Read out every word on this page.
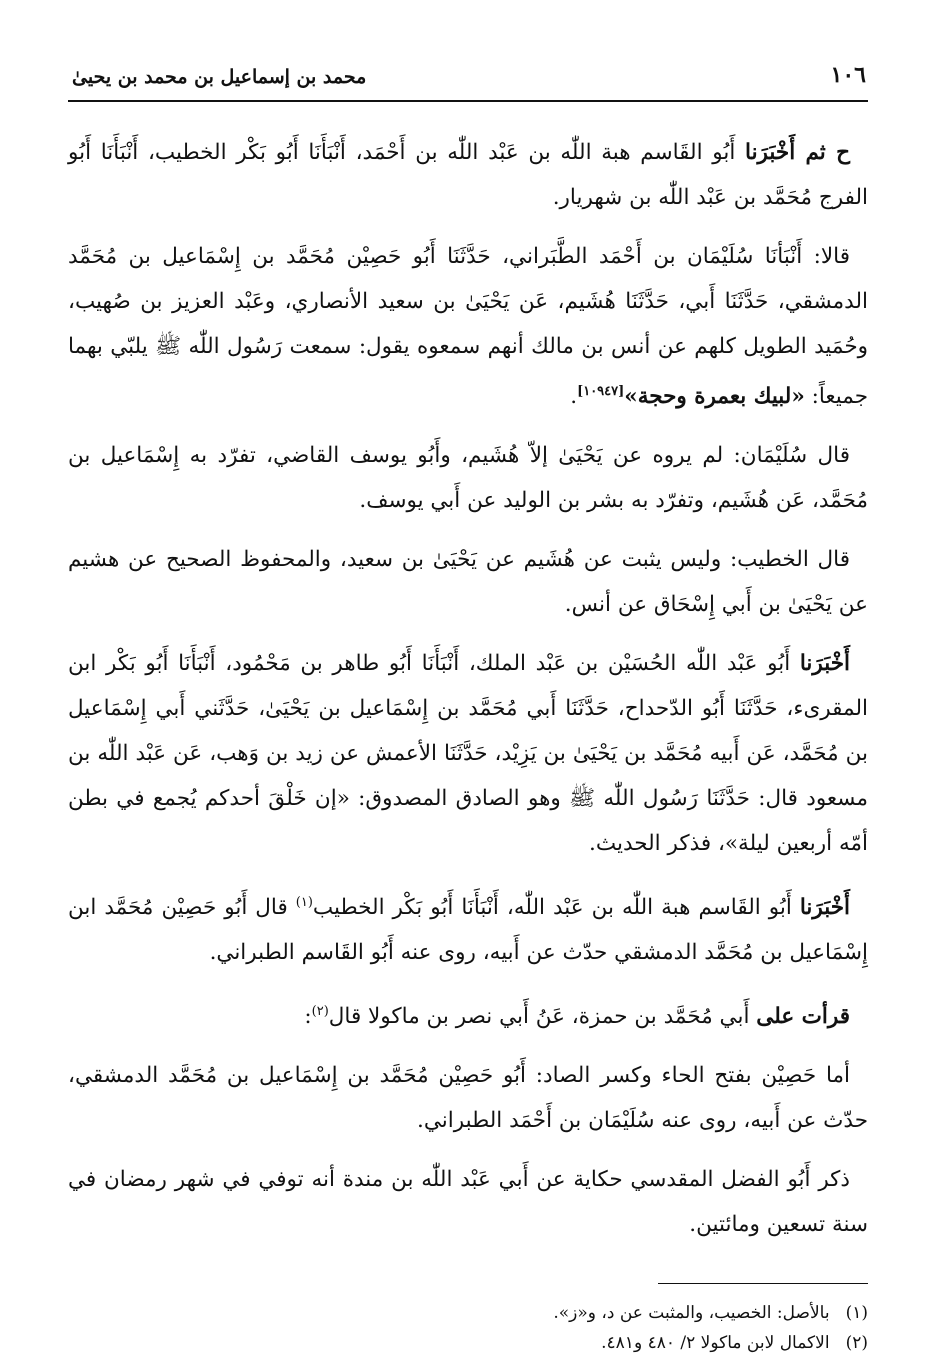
١٠٦
محمد بن إسماعيل بن محمد بن يحيىٰ

ح ثم أَخْبَرَنا أَبُو القَاسم هبة اللّٰه بن عَبْد اللّٰه بن أَحْمَد، أَنْبَأَنَا أَبُو بَكْر الخطيب، أَنْبَأَنَا أَبُو الفرج مُحَمَّد بن عَبْد اللّٰه بن شهريار.

قالا: أَنْبَأنَا سُلَيْمَان بن أَحْمَد الطَّبَراني، حَدَّثَنَا أَبُو حَصِيْن مُحَمَّد بن إِسْمَاعيل بن مُحَمَّد الدمشقي، حَدَّثَنَا أَبي، حَدَّثَنَا هُشَيم، عَن يَحْيَىٰ بن سعيد الأنصاري، وعَبْد العزيز بن صُهيب، وحُمَيد الطويل كلهم عن أنس بن مالك أنهم سمعوه يقول: سمعت رَسُول اللّٰه ﷺ يلبّي بهما جميعاً: «لبيك بعمرة وحجة»[١٠٩٤٧].

قال سُلَيْمَان: لم يروه عن يَحْيَىٰ إلاّ هُشَيم، وأَبُو يوسف القاضي، تفرّد به إِسْمَاعيل بن مُحَمَّد، عَن هُشَيم، وتفرّد به بشر بن الوليد عن أَبي يوسف.

قال الخطيب: وليس يثبت عن هُشَيم عن يَحْيَىٰ بن سعيد، والمحفوظ الصحيح عن هشيم عن يَحْيَىٰ بن أَبي إِسْحَاق عن أنس.

أَخْبَرَنا أَبُو عَبْد اللّٰه الحُسَيْن بن عَبْد الملك، أَنْبَأَنَا أَبُو طاهر بن مَحْمُود، أَنْبَأَنَا أَبُو بَكْر ابن المقرىء، حَدَّثَنَا أَبُو الدّحداح، حَدَّثَنَا أَبي مُحَمَّد بن إِسْمَاعيل بن يَحْيَىٰ، حَدَّثَني أَبي إِسْمَاعيل بن مُحَمَّد، عَن أَبيه مُحَمَّد بن يَحْيَىٰ بن يَزِيْد، حَدَّثَنَا الأعمش عن زيد بن وَهب، عَن عَبْد اللّٰه بن مسعود قال: حَدَّثَنَا رَسُول اللّٰه ﷺ وهو الصادق المصدوق: «إن خَلْقَ أحدكم يُجمع في بطن أمّه أربعين ليلة»، فذكر الحديث.

أَخْبَرَنا أَبُو القَاسم هبة اللّٰه بن عَبْد اللّٰه، أَنْبَأَنَا أَبُو بَكْر الخطيب$^{(١)}$ قال أَبُو حَصِيْن مُحَمَّد ابن إِسْمَاعيل بن مُحَمَّد الدمشقي حدّث عن أَبيه، روى عنه أَبُو القَاسم الطبراني.

قرأت على أَبي مُحَمَّد بن حمزة، عَنُ أَبي نصر بن ماكولا قال$^{(٢)}$:

أما حَصِيْن بفتح الحاء وكسر الصاد: أَبُو حَصِيْن مُحَمَّد بن إِسْمَاعيل بن مُحَمَّد الدمشقي، حدّث عن أَبيه، روى عنه سُلَيْمَان بن أَحْمَد الطبراني.

ذكر أَبُو الفضل المقدسي حكاية عن أَبي عَبْد اللّٰه بن مندة أنه توفي في شهر رمضان في سنة تسعين ومائتين.

(١)بالأصل: الخصيب، والمثبت عن د، و«ز».

(٢)الاكمال لابن ماكولا ٢/ ٤٨٠ و٤٨١.
